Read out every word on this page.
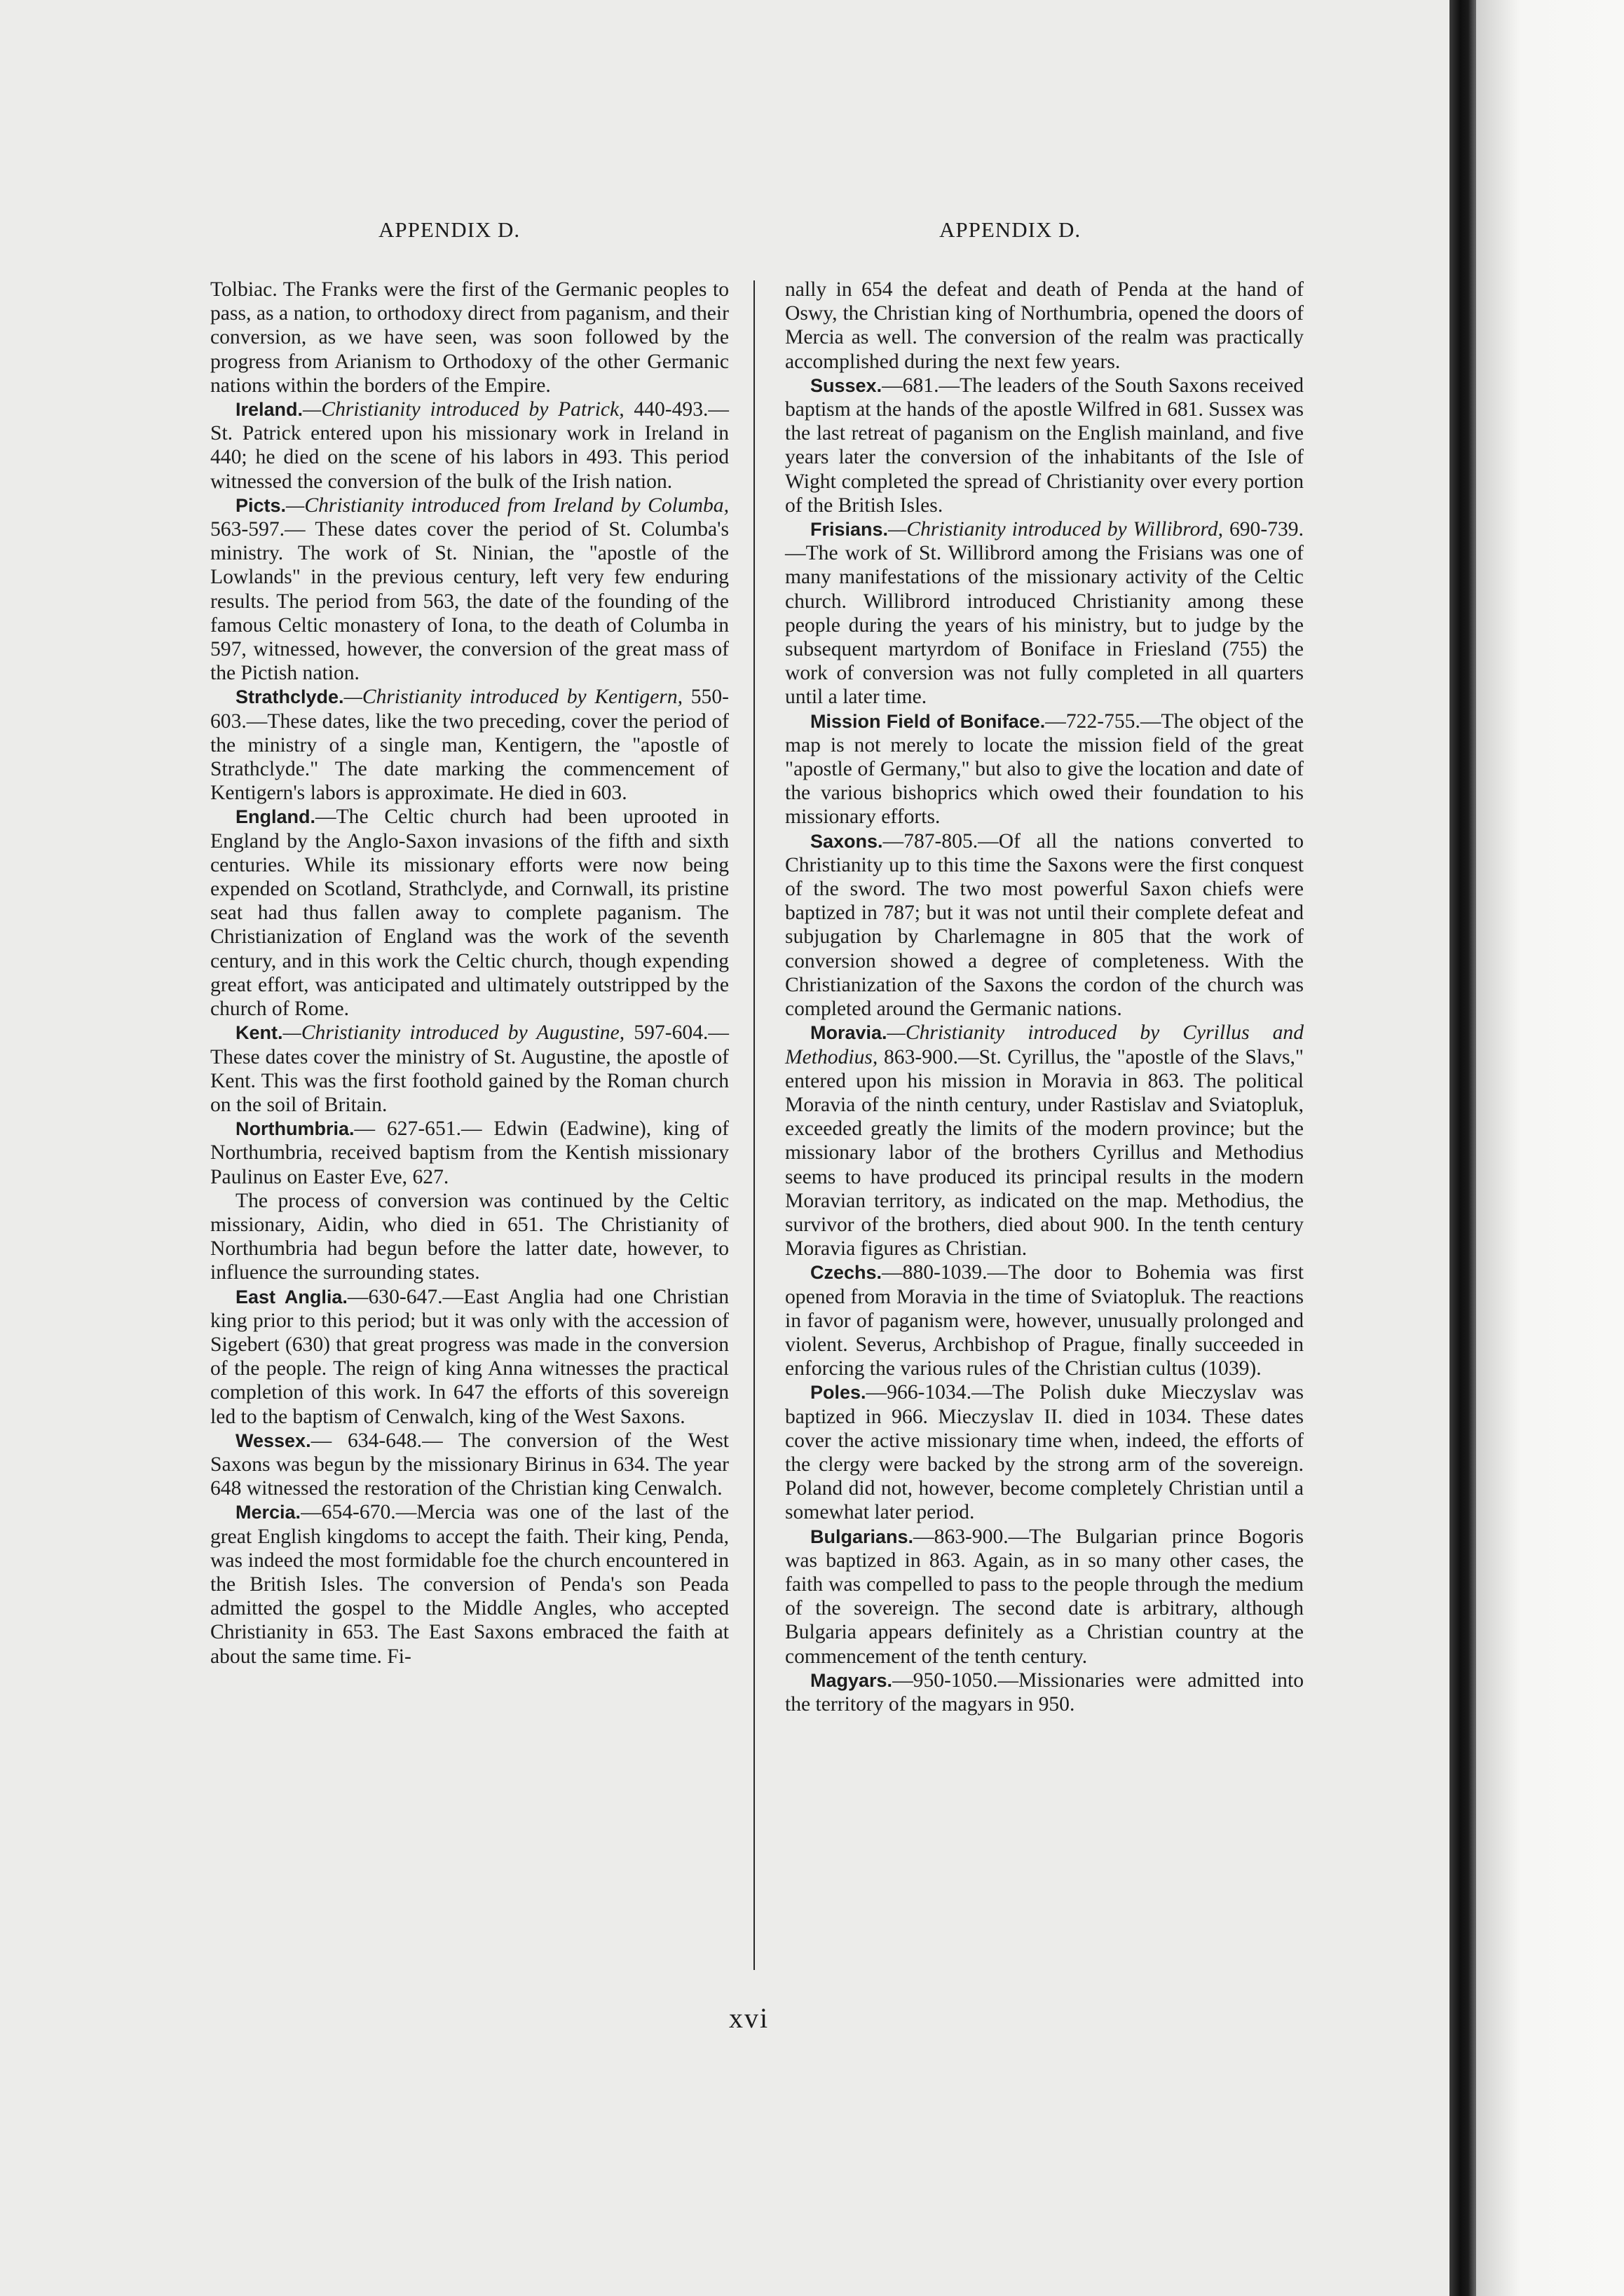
APPENDIX D.	APPENDIX D.

Tolbiac. The Franks were the first of the Germanic peoples to pass, as a nation, to orthodoxy direct from paganism, and their conversion, as we have seen, was soon followed by the progress from Arianism to Orthodoxy of the other Germanic nations within the borders of the Empire.

Ireland.—Christianity introduced by Patrick, 440-493.—St. Patrick entered upon his missionary work in Ireland in 440; he died on the scene of his labors in 493. This period witnessed the conversion of the bulk of the Irish nation.

Picts.—Christianity introduced from Ireland by Columba, 563-597.— These dates cover the period of St. Columba's ministry. The work of St. Ninian, the "apostle of the Lowlands" in the previous century, left very few enduring results. The period from 563, the date of the founding of the famous Celtic monastery of Iona, to the death of Columba in 597, witnessed, however, the conversion of the great mass of the Pictish nation.

Strathclyde.—Christianity introduced by Kentigern, 550-603.—These dates, like the two preceding, cover the period of the ministry of a single man, Kentigern, the "apostle of Strathclyde." The date marking the commencement of Kentigern's labors is approximate. He died in 603.

England.—The Celtic church had been uprooted in England by the Anglo-Saxon invasions of the fifth and sixth centuries. While its missionary efforts were now being expended on Scotland, Strathclyde, and Cornwall, its pristine seat had thus fallen away to complete paganism. The Christianization of England was the work of the seventh century, and in this work the Celtic church, though expending great effort, was anticipated and ultimately outstripped by the church of Rome.

Kent.—Christianity introduced by Augustine, 597-604.—These dates cover the ministry of St. Augustine, the apostle of Kent. This was the first foothold gained by the Roman church on the soil of Britain.

Northumbria.— 627-651.— Edwin (Eadwine), king of Northumbria, received baptism from the Kentish missionary Paulinus on Easter Eve, 627.

The process of conversion was continued by the Celtic missionary, Aidin, who died in 651. The Christianity of Northumbria had begun before the latter date, however, to influence the surrounding states.

East Anglia.—630-647.—East Anglia had one Christian king prior to this period; but it was only with the accession of Sigebert (630) that great progress was made in the conversion of the people. The reign of king Anna witnesses the practical completion of this work. In 647 the efforts of this sovereign led to the baptism of Cenwalch, king of the West Saxons.

Wessex.— 634-648.— The conversion of the West Saxons was begun by the missionary Birinus in 634. The year 648 witnessed the restoration of the Christian king Cenwalch.

Mercia.—654-670.—Mercia was one of the last of the great English kingdoms to accept the faith. Their king, Penda, was indeed the most formidable foe the church encountered in the British Isles. The conversion of Penda's son Peada admitted the gospel to the Middle Angles, who accepted Christianity in 653. The East Saxons embraced the faith at about the same time. Fi-

nally in 654 the defeat and death of Penda at the hand of Oswy, the Christian king of Northumbria, opened the doors of Mercia as well. The conversion of the realm was practically accomplished during the next few years.

Sussex.—681.—The leaders of the South Saxons received baptism at the hands of the apostle Wilfred in 681. Sussex was the last retreat of paganism on the English mainland, and five years later the conversion of the inhabitants of the Isle of Wight completed the spread of Christianity over every portion of the British Isles.

Frisians.—Christianity introduced by Willibrord, 690-739.—The work of St. Willibrord among the Frisians was one of many manifestations of the missionary activity of the Celtic church. Willibrord introduced Christianity among these people during the years of his ministry, but to judge by the subsequent martyrdom of Boniface in Friesland (755) the work of conversion was not fully completed in all quarters until a later time.

Mission Field of Boniface.—722-755.—The object of the map is not merely to locate the mission field of the great "apostle of Germany," but also to give the location and date of the various bishoprics which owed their foundation to his missionary efforts.

Saxons.—787-805.—Of all the nations converted to Christianity up to this time the Saxons were the first conquest of the sword. The two most powerful Saxon chiefs were baptized in 787; but it was not until their complete defeat and subjugation by Charlemagne in 805 that the work of conversion showed a degree of completeness. With the Christianization of the Saxons the cordon of the church was completed around the Germanic nations.

Moravia.—Christianity introduced by Cyrillus and Methodius, 863-900.—St. Cyrillus, the "apostle of the Slavs," entered upon his mission in Moravia in 863. The political Moravia of the ninth century, under Rastislav and Sviatopluk, exceeded greatly the limits of the modern province; but the missionary labor of the brothers Cyrillus and Methodius seems to have produced its principal results in the modern Moravian territory, as indicated on the map. Methodius, the survivor of the brothers, died about 900. In the tenth century Moravia figures as Christian.

Czechs.—880-1039.—The door to Bohemia was first opened from Moravia in the time of Sviatopluk. The reactions in favor of paganism were, however, unusually prolonged and violent. Severus, Archbishop of Prague, finally succeeded in enforcing the various rules of the Christian cultus (1039).

Poles.—966-1034.—The Polish duke Mieczyslav was baptized in 966. Mieczyslav II. died in 1034. These dates cover the active missionary time when, indeed, the efforts of the clergy were backed by the strong arm of the sovereign. Poland did not, however, become completely Christian until a somewhat later period.

Bulgarians.—863-900.—The Bulgarian prince Bogoris was baptized in 863. Again, as in so many other cases, the faith was compelled to pass to the people through the medium of the sovereign. The second date is arbitrary, although Bulgaria appears definitely as a Christian country at the commencement of the tenth century.

Magyars.—950-1050.—Missionaries were admitted into the territory of the magyars in 950.

xvi
